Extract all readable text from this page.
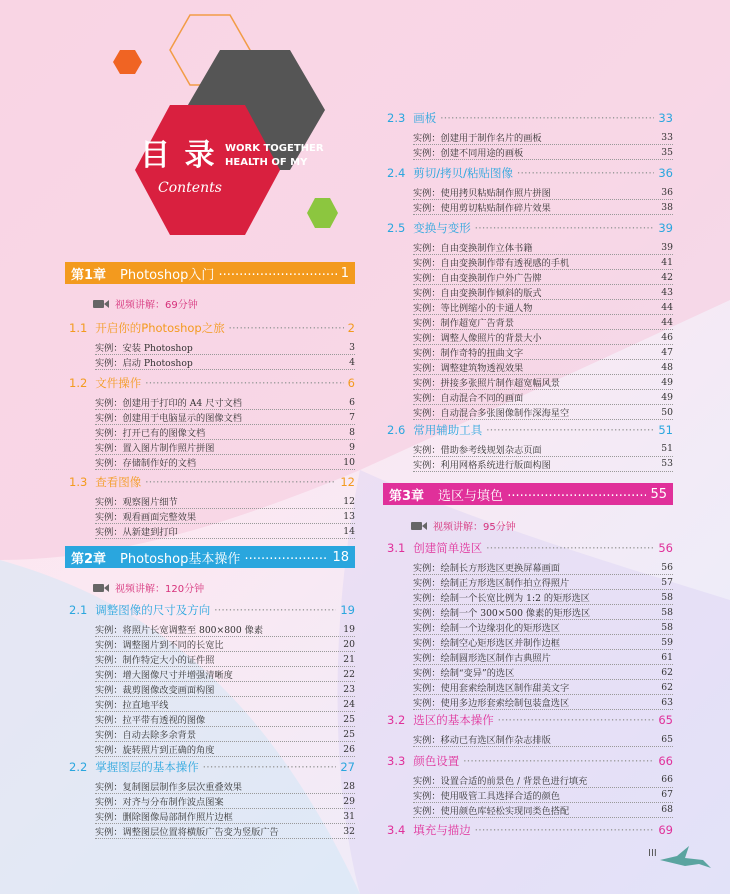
WORK TOGETHER
HEALTH OF MY
目 录
Contents
III
第1章 Photoshop入门 ·····	1
视频讲解：69分钟
1.1 开启你的Photoshop之旅 ·····	2
实例：安装 Photoshop	3
实例：启动 Photoshop	4
1.2 文件操作 ·····	6
实例：创建用于打印的 A4 尺寸文档	6
实例：创建用于电脑显示的图像文档	7
实例：打开已有的图像文档	8
实例：置入图片制作照片拼图	9
实例：存储制作好的文档	10
1.3 查看图像 ·····	12
实例：观察图片细节	12
实例：观看画面完整效果	13
实例：从新建到打印	14
第2章 Photoshop基本操作 ·····	18
视频讲解：120分钟
2.1 调整图像的尺寸及方向 ·····	19
实例：将照片长宽调整至 800×800 像素	19
实例：调整图片到不同的长宽比	20
实例：制作特定大小的证件照	21
实例：增大图像尺寸并增强清晰度	22
实例：裁剪图像改变画面构图	23
实例：拉直地平线	24
实例：拉平带有透视的图像	25
实例：自动去除多余背景	25
实例：旋转照片到正确的角度	26
2.2 掌握图层的基本操作 ·····	27
实例：复制图层制作多层次重叠效果	28
实例：对齐与分布制作波点图案	29
实例：删除图像局部制作照片边框	31
实例：调整图层位置将横版广告变为竖版广告	32
2.3 画板 ·····	33
实例：创建用于制作名片的画板	33
实例：创建不同用途的画板	35
2.4 剪切/拷贝/粘贴图像 ·····	36
实例：使用拷贝粘贴制作照片拼图	36
实例：使用剪切粘贴制作碎片效果	38
2.5 变换与变形 ·····	39
实例：自由变换制作立体书籍	39
实例：自由变换制作带有透视感的手机	41
实例：自由变换制作户外广告牌	42
实例：自由变换制作倾斜的版式	43
实例：等比例缩小的卡通人物	44
实例：制作超宽广告背景	44
实例：调整人像照片的背景大小	46
实例：制作奇特的扭曲文字	47
实例：调整建筑物透视效果	48
实例：拼接多张照片制作超宽幅风景	49
实例：自动混合不同的画面	49
实例：自动混合多张图像制作深海星空	50
2.6 常用辅助工具 ·····	51
实例：借助参考线规划杂志页面	51
实例：利用网格系统进行版面构图	53
第3章 选区与填色 ·····	55
视频讲解：95分钟
3.1 创建简单选区 ·····	56
实例：绘制长方形选区更换屏幕画面	56
实例：绘制正方形选区制作拍立得照片	57
实例：绘制一个长宽比例为 1:2 的矩形选区	58
实例：绘制一个 300×500 像素的矩形选区	58
实例：绘制一个边缘羽化的矩形选区	58
实例：绘制空心矩形选区并制作边框	59
实例：绘制圆形选区制作古典照片	61
实例：绘制“变异”的选区	62
实例：使用套索绘制选区制作甜美文字	62
实例：使用多边形套索绘制包装盒选区	63
3.2 选区的基本操作 ·····	65
实例：移动已有选区制作杂志排版	65
3.3 颜色设置 ·····	66
实例：设置合适的前景色 / 背景色进行填充	66
实例：使用吸管工具选择合适的颜色	67
实例：使用颜色库轻松实现同类色搭配	68
3.4 填充与描边 ·····	69
